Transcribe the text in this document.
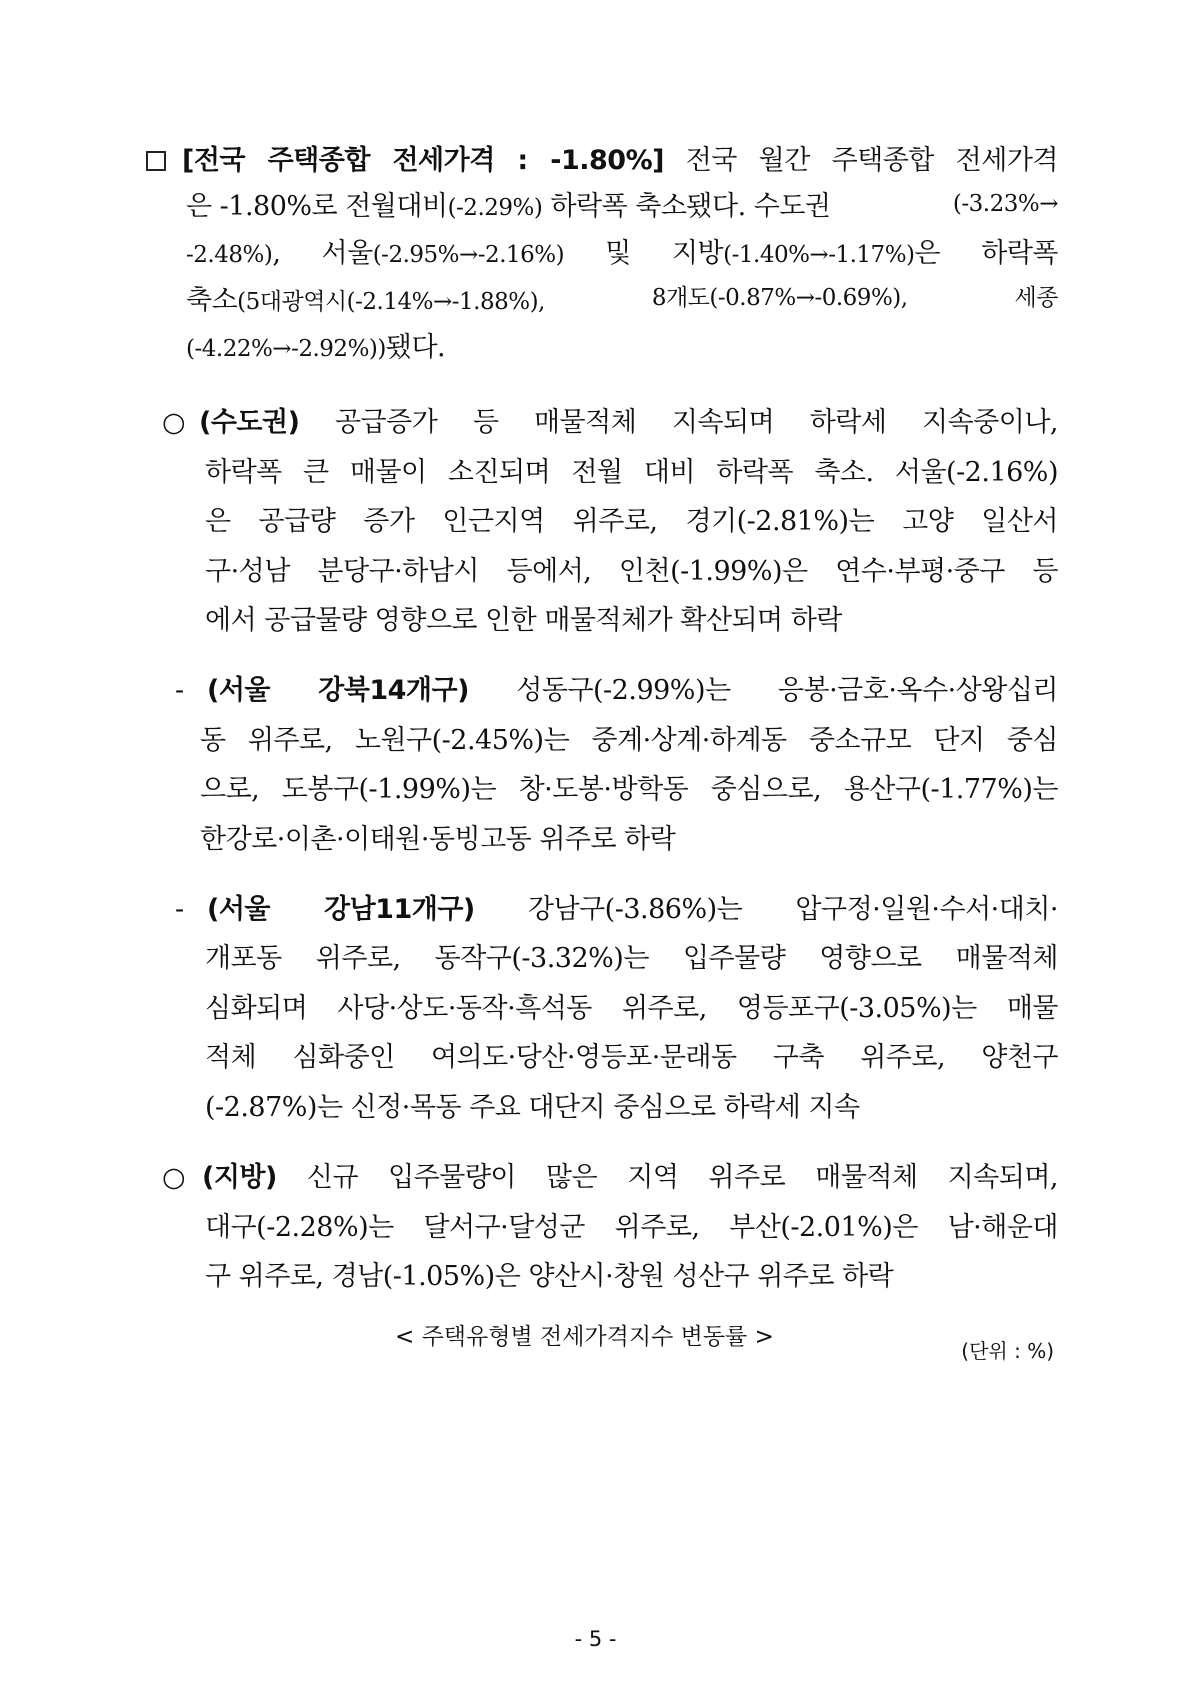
[전국 주택종합 전세가격 : -1.80%] 전국 월간 주택종합 전세가격
은 -1.80%로 전월대비(-2.29%) 하락폭 축소됐다. 수도권	(-3.23%→
-2.48%), 서울(-2.95%→-2.16%) 및 지방(-1.40%→-1.17%)은 하락폭
축소(5대광역시(-2.14%→-1.88%),	8개도(-0.87%→-0.69%),	세종
(-4.22%→-2.92%))됐다.
○ (수도권) 공급증가 등 매물적체 지속되며 하락세 지속중이나,
하락폭 큰 매물이 소진되며 전월 대비 하락폭 축소. 서울(-2.16%)
은 공급량 증가 인근지역 위주로, 경기(-2.81%)는 고양 일산서
구·성남 분당구·하남시 등에서, 인천(-1.99%)은 연수·부평·중구 등
에서 공급물량 영향으로 인한 매물적체가 확산되며 하락
- (서울 강북14개구) 성동구(-2.99%)는 응봉·금호·옥수·상왕십리
동 위주로, 노원구(-2.45%)는 중계·상계·하계동 중소규모 단지 중심
으로, 도봉구(-1.99%)는 창·도봉·방학동 중심으로, 용산구(-1.77%)는
한강로·이촌·이태원·동빙고동 위주로 하락
- (서울 강남11개구) 강남구(-3.86%)는 압구정·일원·수서·대치·
개포동 위주로, 동작구(-3.32%)는 입주물량 영향으로 매물적체
심화되며 사당·상도·동작·흑석동 위주로, 영등포구(-3.05%)는 매물
적체 심화중인 여의도·당산·영등포·문래동 구축 위주로, 양천구
(-2.87%)는 신정·목동 주요 대단지 중심으로 하락세 지속
○ (지방) 신규 입주물량이 많은 지역 위주로 매물적체 지속되며,
대구(-2.28%)는 달서구·달성군 위주로, 부산(-2.01%)은 남·해운대
구 위주로, 경남(-1.05%)은 양산시·창원 성산구 위주로 하락
< 주택유형별 전세가격지수 변동률 >
(단위 : %)
- 5 -
